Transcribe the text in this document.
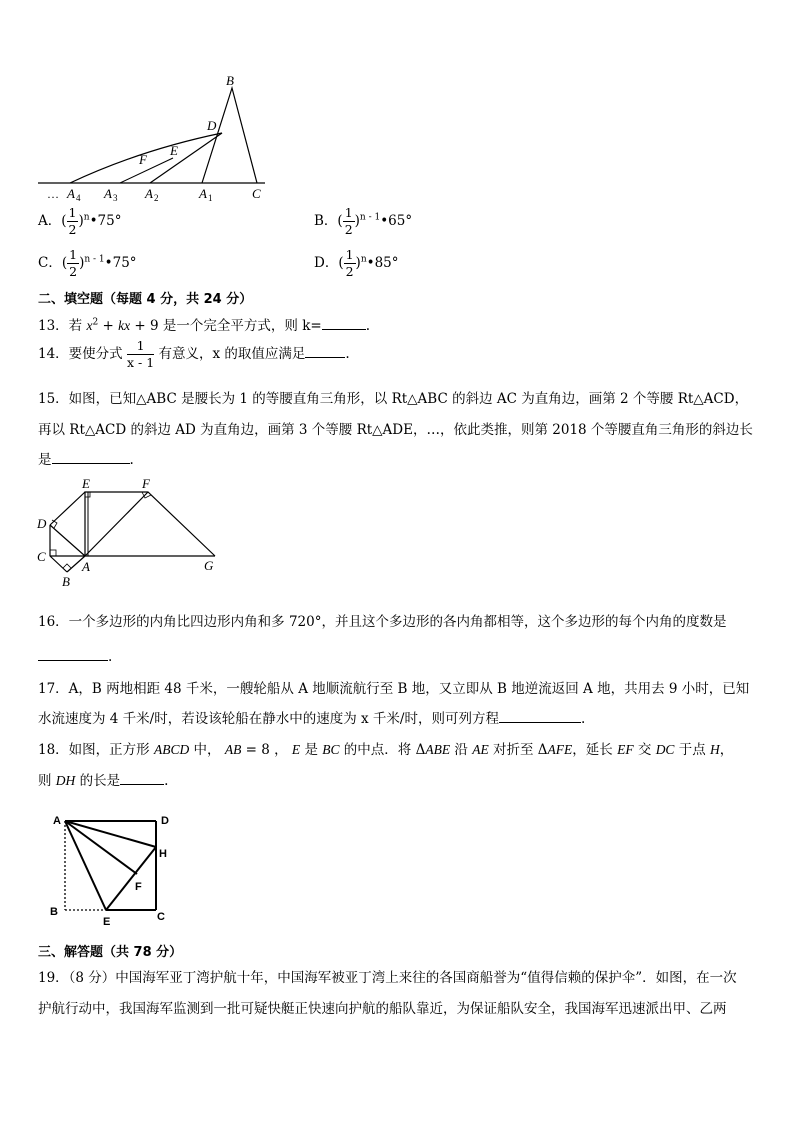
B
D
E
F
C
… A 4 A 3 A 2	A 1
A．( $\frac{1}{2}$ )$^n$•75°	B．( $\frac{1}{2}$ )$^{n - 1}$•65°
C．( $\frac{1}{2}$ )$^{n - 1}$•75°	D．( $\frac{1}{2}$ )$^n$•85°
二、填空题（每题 4 分，共 24 分）
13．若 $x^2$ + kx + 9 是一个完全平方式，则 k=	.
14．要使分式 $\frac{1}{x - 1}$ 有意义，x 的取值应满足	.
15．如图，已知△ABC 是腰长为 1 的等腰直角三角形，以 Rt△ABC 的斜边 AC 为直角边，画第 2 个等腰 Rt△ACD，
再以 Rt△ACD 的斜边 AD 为直角边，画第 3 个等腰 Rt△ADE，…，依此类推，则第 2018 个等腰直角三角形的斜边长
是	.
E	F
D
C
A
B
G
16．一个多边形的内角比四边形内角和多 720°，并且这个多边形的各内角都相等，这个多边形的每个内角的度数是
.
17．A，B 两地相距 48 千米，一艘轮船从 A 地顺流航行至 B 地，又立即从 B 地逆流返回 A 地，共用去 9 小时，已知
水流速度为 4 千米/时，若设该轮船在静水中的速度为 x 千米/时，则可列方程	.
18．如图，正方形 ABCD 中， AB = 8 ， E 是 BC 的中点．将 ΔABE 沿 AE 对折至 ΔAFE，延长 EF 交 DC 于点 H，
则 DH 的长是	.
A	D
H
F
B
E	C
三、解答题（共 78 分）
19．（8 分）中国海军亚丁湾护航十年，中国海军被亚丁湾上来往的各国商船誉为“值得信赖的保护伞”．如图，在一次
护航行动中，我国海军监测到一批可疑快艇正快速向护航的船队靠近，为保证船队安全，我国海军迅速派出甲、乙两
